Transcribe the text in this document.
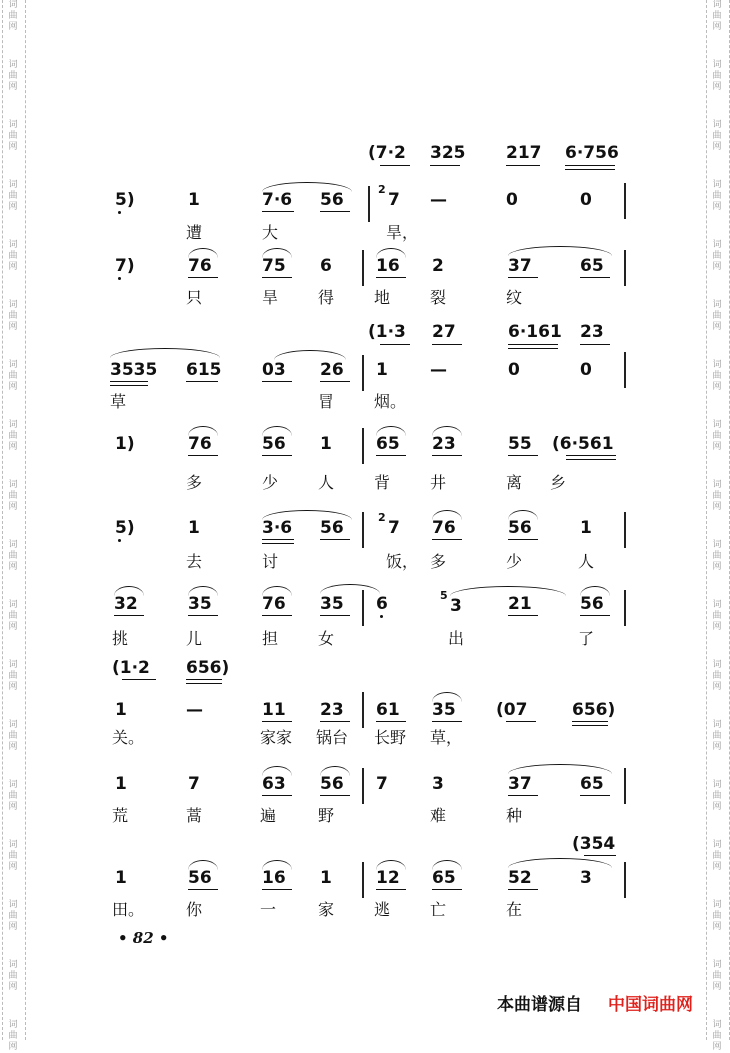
词
曲
网
词
曲
网
词
曲
网
词
曲
网
词
曲
网
词
曲
网
词
曲
网
词
曲
网
词
曲
网
词
曲
网
词
曲
网
词
曲
网
词
曲
网
词
曲
网
词
曲
网
词
曲
网
词
曲
网
词
曲
网
词
曲
网
词
曲
网
词
曲
网
词
曲
网
词
曲
网
词
曲
网
词
曲
网
词
曲
网
词
曲
网
词
曲
网
词
曲
网
词
曲
网
词
曲
网
词
曲
网
词
曲
网
词
曲
网
词
曲
网
词
曲
网
(7·2 325 217 6·756
5)	1	7·6 56
2
7 —	0	0
遭	大	旱，
7)	76	75 6	16 2	37	65
只	旱 得 地 裂	纹
(1·3 27	6·161 23
3535 615 03 26 1 —	0	0
草	冒 烟。
1)	76	56 1	65 23	55 (6·561
多	少 人 背 井	离 乡
5)	1	3·6 56
2
7 76	56	1
去	讨	饭， 多	少	人
32	35	76 35 6	5
3	21	56
挑	儿	担 女	出	了
(1·2 656)
1	—	11 23 61 35 (07	656)
关。	家家 锅台 长野 草，
1	7	63 56 7	3	37	65
荒	蒿	遍	野	难	种
(354
1	56	16 1	12 65	52	3
田。	你	一	家 逃 亡	在
• 82 •
本曲谱源自 中国词曲网
